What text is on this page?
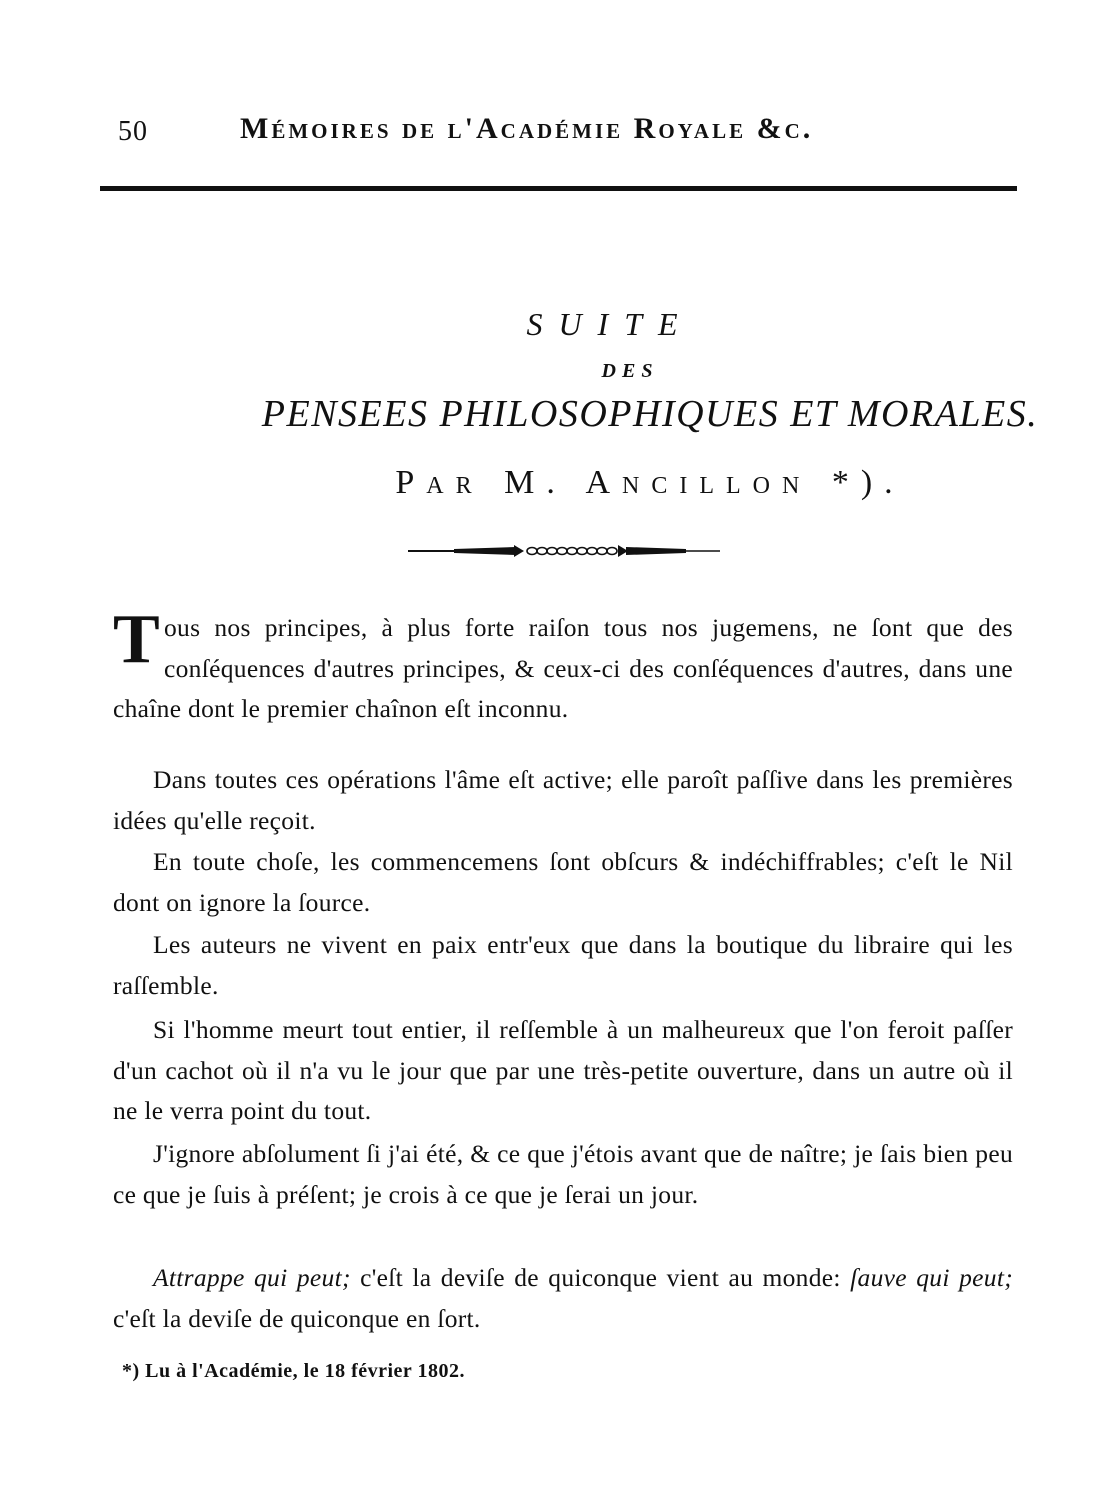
50	Mémoires de l'Académie Royale &c.
SUITE
DES
PENSEES PHILOSOPHIQUES ET MORALES.
Par M. Ancillon *).

Tous nos principes, à plus forte raiſon tous nos jugemens, ne ſont que des conſéquences d'autres principes, & ceux-ci des conſéquences d'autres, dans une chaîne dont le premier chaînon eſt inconnu.

Dans toutes ces opérations l'âme eſt active; elle paroît paſſive dans les premières idées qu'elle reçoit.

En toute choſe, les commencemens ſont obſcurs & indéchiffrables; c'eſt le Nil dont on ignore la ſource.

Les auteurs ne vivent en paix entr'eux que dans la boutique du libraire qui les raſſemble.

Si l'homme meurt tout entier, il reſſemble à un malheureux que l'on feroit paſſer d'un cachot où il n'a vu le jour que par une très-petite ouverture, dans un autre où il ne le verra point du tout.

J'ignore abſolument ſi j'ai été, & ce que j'étois avant que de naître; je ſais bien peu ce que je ſuis à préſent; je crois à ce que je ſerai un jour.

Attrappe qui peut; c'eſt la deviſe de quiconque vient au monde: ſauve qui peut; c'eſt la deviſe de quiconque en ſort.

*) Lu à l'Académie, le 18 février 1802.
